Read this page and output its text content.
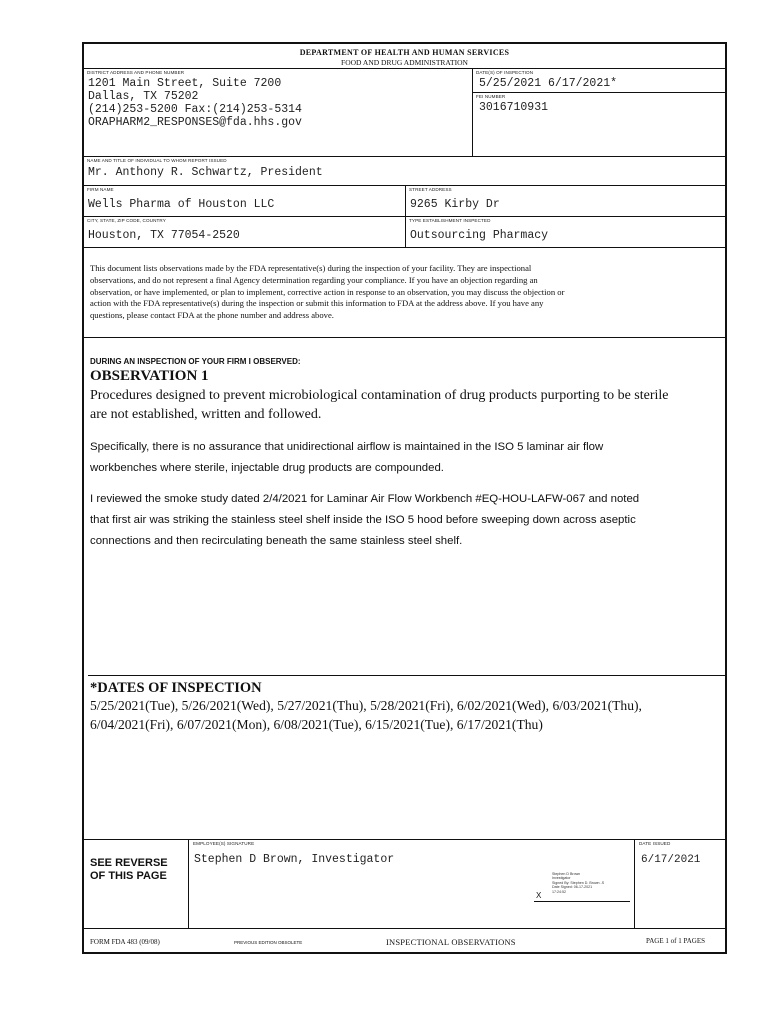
DEPARTMENT OF HEALTH AND HUMAN SERVICES
FOOD AND DRUG ADMINISTRATION
DISTRICT ADDRESS AND PHONE NUMBER
1201 Main Street, Suite 7200
Dallas, TX 75202
(214)253-5200 Fax:(214)253-5314
ORAPHARM2_RESPONSES@fda.hhs.gov
DATE(S) OF INSPECTION
5/25/2021 6/17/2021*
FEI NUMBER
3016710931
NAME AND TITLE OF INDIVIDUAL TO WHOM REPORT ISSUED
Mr. Anthony R. Schwartz, President
FIRM NAME
Wells Pharma of Houston LLC
STREET ADDRESS
9265 Kirby Dr
CITY, STATE, ZIP CODE, COUNTRY
Houston, TX 77054-2520
TYPE ESTABLISHMENT INSPECTED
Outsourcing Pharmacy
This document lists observations made by the FDA representative(s) during the inspection of your facility. They are inspectional
observations, and do not represent a final Agency determination regarding your compliance. If you have an objection regarding an
observation, or have implemented, or plan to implement, corrective action in response to an observation, you may discuss the objection or
action with the FDA representative(s) during the inspection or submit this information to FDA at the address above. If you have any
questions, please contact FDA at the phone number and address above.
DURING AN INSPECTION OF YOUR FIRM I OBSERVED:
OBSERVATION 1
Procedures designed to prevent microbiological contamination of drug products purporting to be sterile
are not established, written and followed.
Specifically, there is no assurance that unidirectional airflow is maintained in the ISO 5 laminar air flow
workbenches where sterile, injectable drug products are compounded.
I reviewed the smoke study dated 2/4/2021 for Laminar Air Flow Workbench #EQ-HOU-LAFW-067 and noted
that first air was striking the stainless steel shelf inside the ISO 5 hood before sweeping down across aseptic
connections and then recirculating beneath the same stainless steel shelf.
*DATES OF INSPECTION
5/25/2021(Tue), 5/26/2021(Wed), 5/27/2021(Thu), 5/28/2021(Fri), 6/02/2021(Wed), 6/03/2021(Thu),
6/04/2021(Fri), 6/07/2021(Mon), 6/08/2021(Tue), 6/15/2021(Tue), 6/17/2021(Thu)
SEE REVERSE
OF THIS PAGE
EMPLOYEE(S) SIGNATURE
Stephen D Brown, Investigator
Stephen D Brown
Investigator
Signed By: Stephen D. Brown -S
Date Signed: 06-17-2021
17:24:52
X
DATE ISSUED
6/17/2021
FORM FDA 483 (09/08)	PREVIOUS EDITION OBSOLETE	INSPECTIONAL OBSERVATIONS	PAGE 1 of 1 PAGES
